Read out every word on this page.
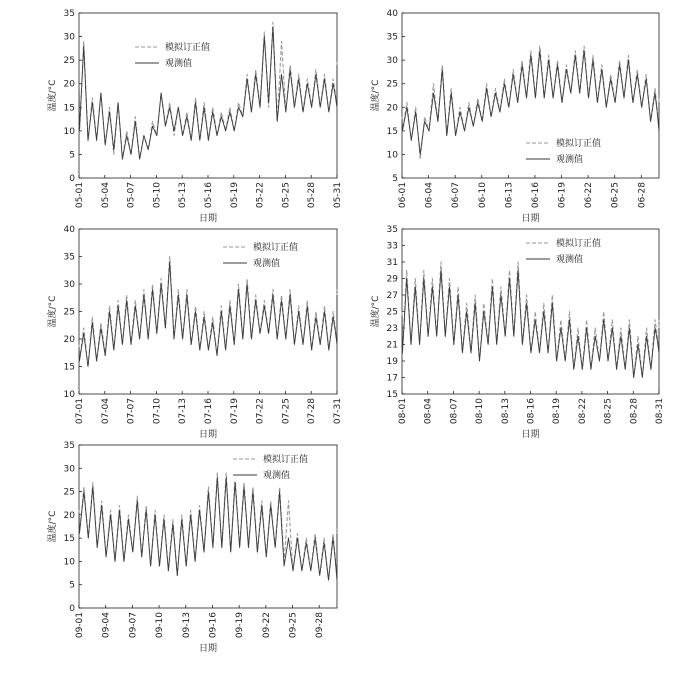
0
5
10
15
20
25
30
35
05-01 05-04 05-07 05-10 05-13 05-16 05-19 05-22 05-25 05-28 05-31
温度/°C
日期
模拟订正值
观测值
5
10
15
20
25
30
35
40
06-01 06-04 06-07 06-10 06-13 06-16 06-19 06-22 06-25 06-28
温度/°C
日期
模拟订正值
观测值
10
15
20
25
30
35
40
07-01 07-04 07-07 07-10 07-13 07-16 07-19 07-22 07-25 07-28 07-31
温度/°C
日期
模拟订正值
观测值
15
17
19
21
23
25
27
29
31
33
35
08-01 08-04 08-07 08-10 08-13 08-16 08-19 08-22 08-25 08-28 08-31
温度/°C
日期
模拟订正值
观测值
0
5
10
15
20
25
30
35
09-01 09-04 09-07 09-10 09-13 09-16 09-19 09-22 09-25 09-28
温度/°C
日期
模拟订正值
观测值
